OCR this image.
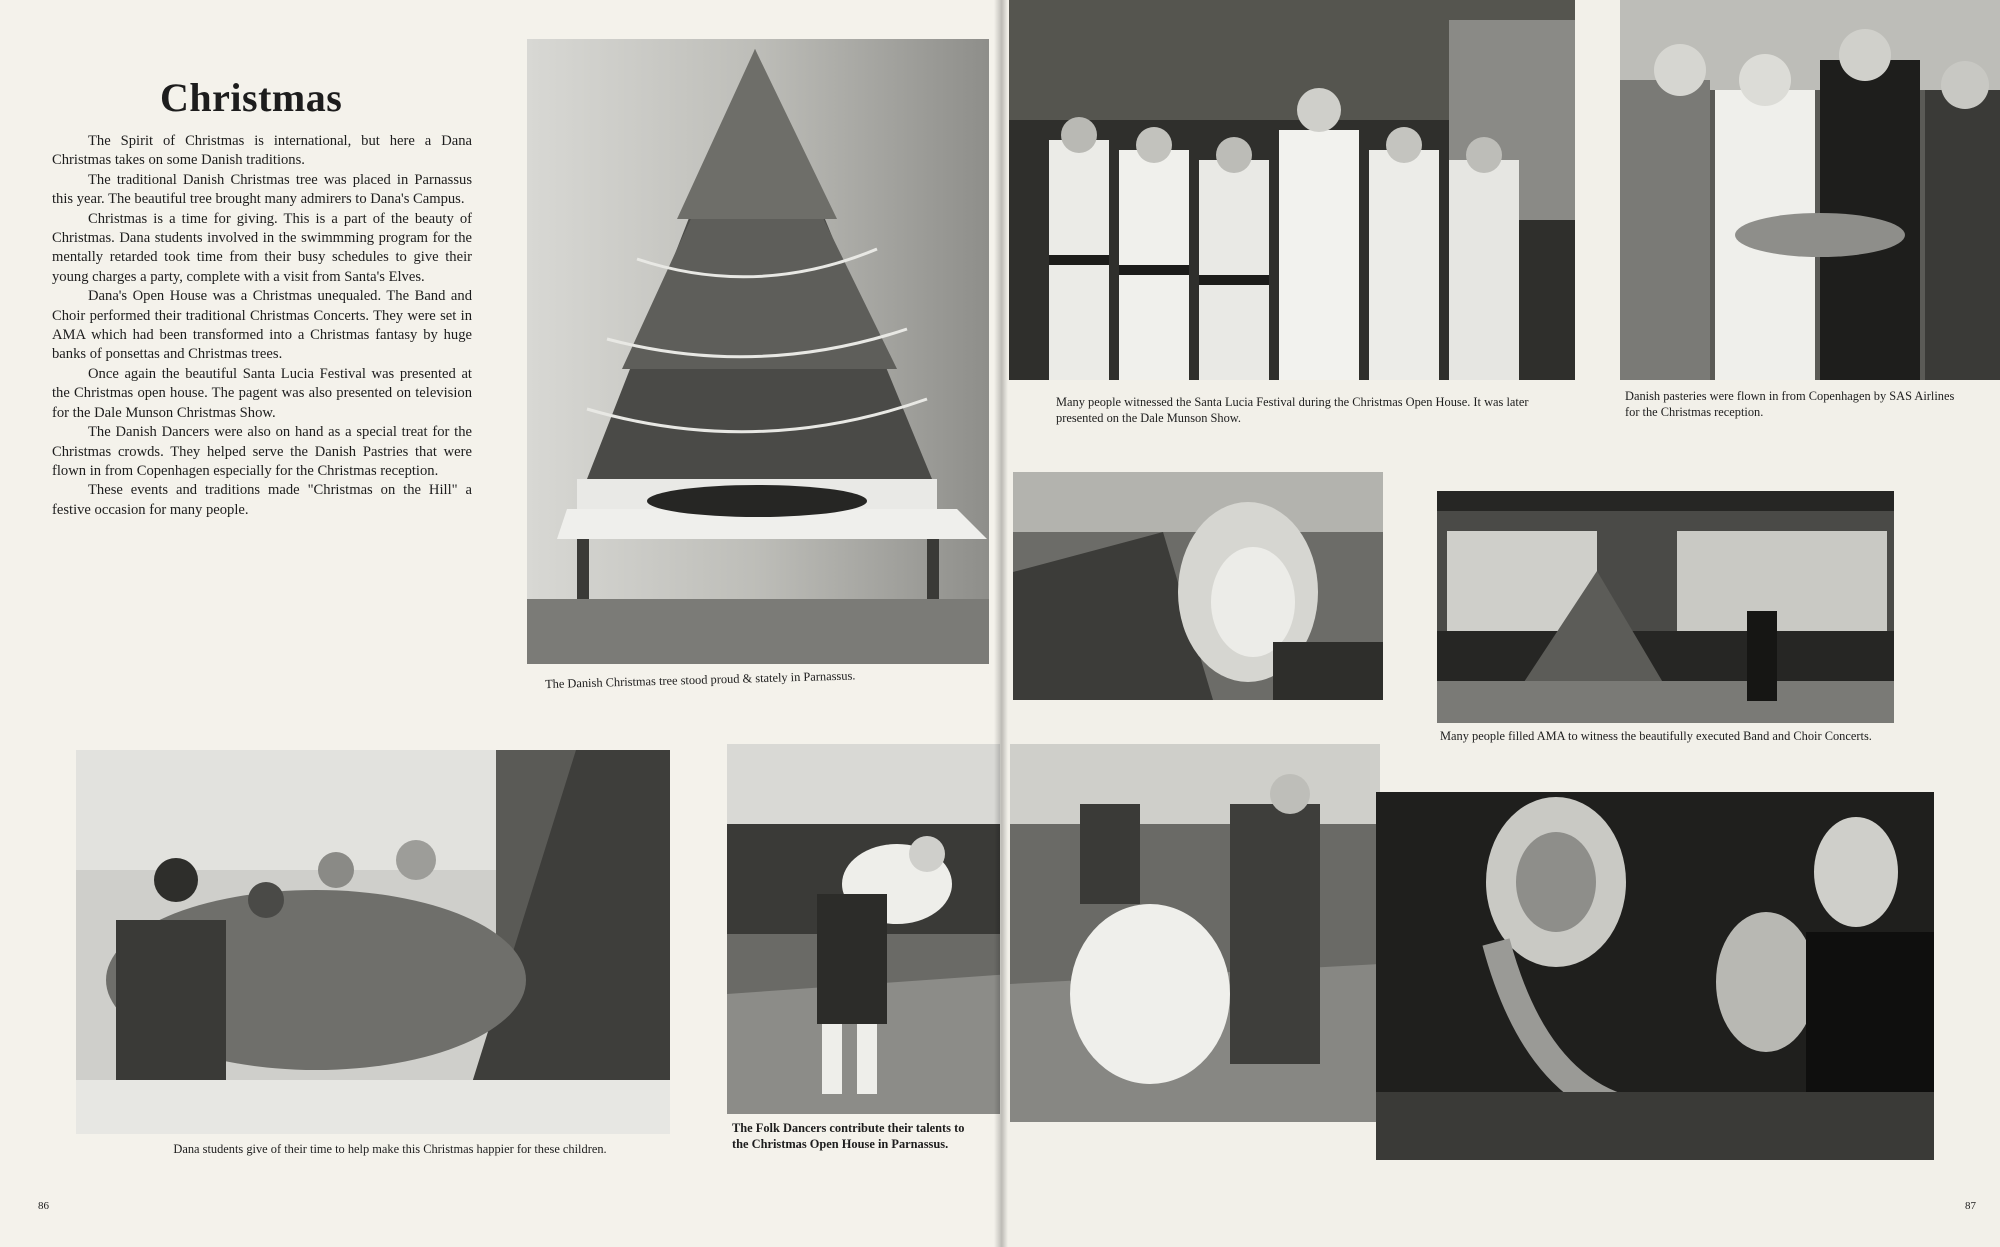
Christmas

The Spirit of Christmas is international, but here a Dana Christmas takes on some Danish traditions.

The traditional Danish Christmas tree was placed in Parnassus this year. The beautiful tree brought many admirers to Dana's Campus.

Christmas is a time for giving. This is a part of the beauty of Christmas. Dana students involved in the swimmming program for the mentally retarded took time from their busy schedules to give their young charges a party, complete with a visit from Santa's Elves.

Dana's Open House was a Christmas unequaled. The Band and Choir performed their traditional Christmas Concerts. They were set in AMA which had been transformed into a Christmas fantasy by huge banks of ponsettas and Christmas trees.

Once again the beautiful Santa Lucia Festival was presented at the Christmas open house. The pagent was also presented on television for the Dale Munson Christmas Show.

The Danish Dancers were also on hand as a special treat for the Christmas crowds. They helped serve the Danish Pastries that were flown in from Copenhagen especially for the Christmas reception.

These events and traditions made "Christmas on the Hill" a festive occasion for many people.

The Danish Christmas tree stood proud & stately in Parnassus.
Dana students give of their time to help make this Christmas happier for these children.
The Folk Dancers contribute their talents to the Christmas Open House in Parnassus.
86
Many people witnessed the Santa Lucia Festival during the Christmas Open House. It was later presented on the Dale Munson Show.
Danish pasteries were flown in from Copenhagen by SAS Airlines for the Christmas reception.
Many people filled AMA to witness the beautifully executed Band and Choir Concerts.
87
